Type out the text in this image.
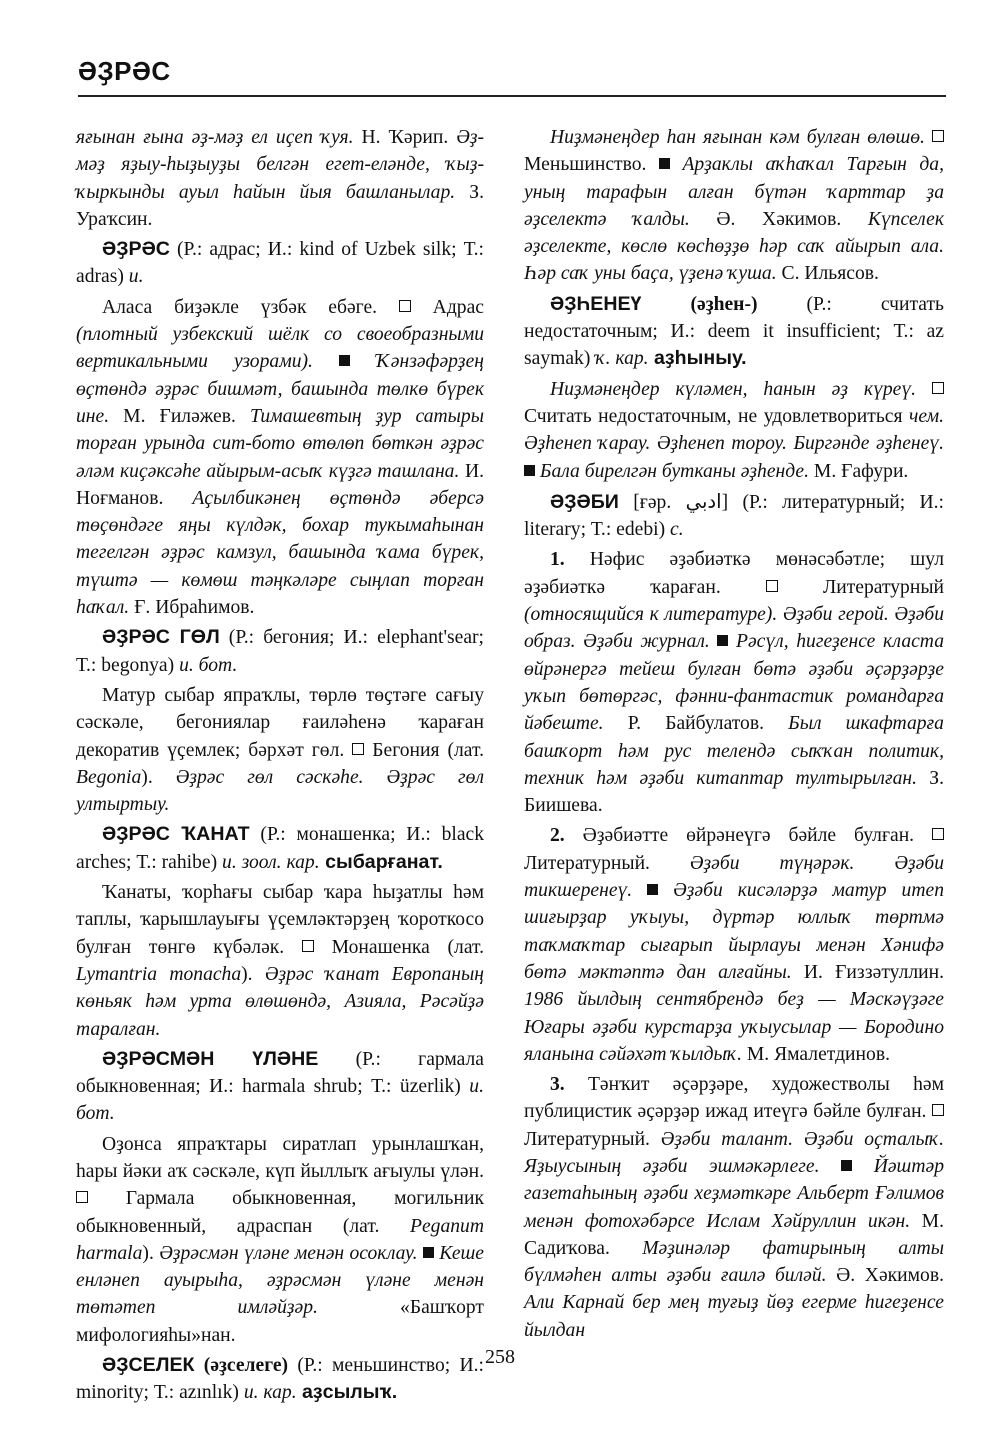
ӘҘРӘС

яғынан ғына әҙ-мәҙ ел иҫеп ҡуя. Н. Ҡәрип. Әҙ-мәҙ яҙыу-һыҙыуҙы белгән егет-еләнде, ҡыҙ-ҡыркынды ауыл һайын йыя башланылар. З. Ураҡсин.

ӘҘРӘС (Р.: адрас; И.: kind of Uzbek silk; Т.: adras) и.

Аласа биҙәкле үзбәк ебәге.  Адрас (плотный узбекский шёлк со своеобразными вертикальными узорами).  Ҡәнзәфәрҙең өҫтөндә әҙрәс бишмәт, башында төлкө бүрек ине. М. Ғиләжев. Тимашевтың ҙур сатыры торған урында сит-бото өтөлөп бөткән әҙрәс әләм киҫәксәһе айырым-асыҡ күҙгә ташлана. И. Ноғманов. Аҫылбикәнең өҫтөндә әберсә төҫөндәге яңы күлдәк, бохар тукымаһынан тегелгән әҙрәс камзул, башында ҡама бүрек, түштә — көмөш тәңкәләре сыңлап торған һаҡал. Ғ. Ибраһимов.

ӘҘРӘС ГӨЛ (Р.: бегония; И.: elephant'sear; Т.: begonya) и. бот.

Матур сыбар япраҡлы, төрлө төҫтәге сағыу сәскәле, бегониялар ғаиләһенә ҡараған декоратив үҫемлек; бәрхәт гөл.  Бегония (лат. Begonia). Әҙрәс гөл сәскәһе. Әҙрәс гөл ултыртыу.

ӘҘРӘС ҠАНАТ (Р.: монашенка; И.: black arches; Т.: rahibe) и. зоол. кар. сыбарғанат.

Ҡанаты, ҡорһағы сыбар ҡара һыҙатлы һәм таплы, ҡарышлауығы үҫемләктәрҙең ҡороткосо булған төнгө күбәләк.  Монашенка (лат. Lymantria monacha). Әҙрәс ҡанат Европаның көньяк һәм урта өлөшөндә, Азияла, Рәсәйҙә таралған.

ӘҘРӘСМӘН ҮЛӘНЕ (Р.: гармала обыкновенная; И.: harmala shrub; Т.: üzerlik) и. бот.

Оҙонса япраҡтары сиратлап урынлашҡан, һары йәки аҡ сәскәле, күп йыллыҡ ағыулы үлән.  Гармала обыкновенная, могильник обыкновенный, адраспан (лат. Peganum harmala). Әҙрәсмән үләне менән осоклау.  Кеше енләнеп ауырыһа, әҙрәсмән үләне менән төтәтеп имләйҙәр. «Башҡорт мифологияһы»нан.

ӘҘСЕЛЕК (әҙселеге) (Р.: меньшинство; И.: minority; Т.: azınlık) и. кар. аҙсылыҡ.

Ниҙмәнеңдер һан яғынан кәм булған өлөшө.  Меньшинство.  Арҙаклы аҡһаҡал Тарғын да, уның тарафын алған бүтән ҡарттар ҙа әҙселектә ҡалды. Ә. Хәкимов. Күпселек әҙселекте, көслө көсһөҙҙө һәр саҡ айырып ала. Һәр саҡ уны баҫа, үҙенә ҡуша. С. Ильясов.

ӘҘҺЕНЕҮ (әҙһен-) (Р.: считать недостаточным; И.: deem it insufficient; Т.: az saymak) ҡ. кар. аҙһыныу.

Ниҙмәнеңдер күләмен, һанын әҙ күреү.  Считать недостаточным, не удовлетвориться чем. Әҙһенеп ҡарау. Әҙһенеп тороу. Биргәнде әҙһенеү.  Бала бирелгән бутканы әҙһенде. М. Ғафури.

ӘҘӘБИ [ғәр. ادبي] (Р.: литературный; И.: literary; Т.: edebi) с.

1. Нәфис әҙәбиәткә мөнәсәбәтле; шул әҙәбиәткә ҡараған.  Литературный (относящийся к литературе). Әҙәби герой. Әҙәби образ. Әҙәби журнал.  Рәсүл, һигеҙенсе класта өйрәнергә тейеш булған бөтә әҙәби әҫәрҙәрҙе уҡып бөтөргәс, фәнни-фантастик романдарға йәбеште. Р. Байбулатов. Был шкафтарға башҡорт һәм рус телендә сыҡҡан политик, техник һәм әҙәби китаптар тултырылған. З. Биишева.

2. Әҙәбиәтте өйрәнеүгә бәйле булған.  Литературный. Әҙәби түңәрәк. Әҙәби тикшеренеү.  Әҙәби кисәләрҙә матур итеп шиғырҙар уҡыуы, дүртәр юллыҡ төртмә таҡмаҡтар сығарып йырлауы менән Хәнифә бөтә мәктәптә дан алғайны. И. Ғиззәтуллин. 1986 йылдың сентябрендә беҙ — Мәскәүҙәге Юғары әҙәби курстарҙа уҡыусылар — Бородино яланына сәйәхәт ҡылдыҡ. М. Ямалетдинов.

3. Тәнҡит әҫәрҙәре, художестволы һәм публицистик әҫәрҙәр ижад итеүгә бәйле булған.  Литературный. Әҙәби талант. Әҙәби оҫталыҡ. Яҙыусының әҙәби эшмәкәрлеге.  Йәштәр газетаһының әҙәби хеҙмәткәре Альберт Ғәлимов менән фотохәбәрсе Ислам Хәйруллин икән. М. Садиҡова. Мәҙинәләр фатирының алты бүлмәһен алты әҙәби ғаилә биләй. Ә. Хәкимов. Али Карнай бер мең туғыҙ йөҙ егерме һигеҙенсе йылдан

258
